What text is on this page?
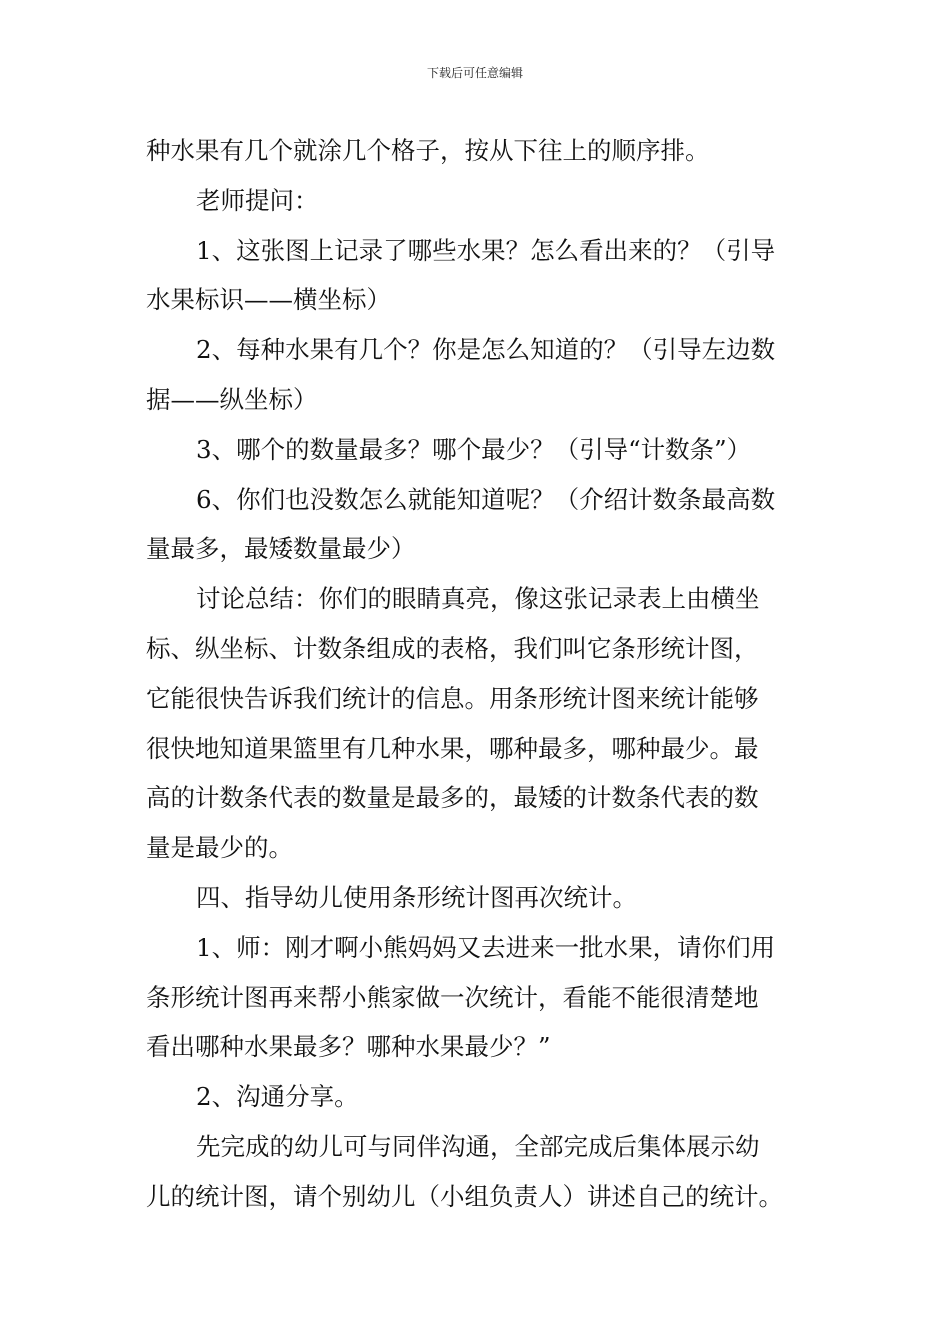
下载后可任意编辑

种水果有几个就涂几个格子，按从下往上的顺序排。

老师提问：

1、这张图上记录了哪些水果？怎么看出来的？（引导

水果标识——横坐标）

2、每种水果有几个？你是怎么知道的？（引导左边数

据——纵坐标）

3、哪个的数量最多？哪个最少？（引导“计数条”）

6、你们也没数怎么就能知道呢？（介绍计数条最高数

量最多，最矮数量最少）

讨论总结：你们的眼睛真亮，像这张记录表上由横坐

标、纵坐标、计数条组成的表格，我们叫它条形统计图，

它能很快告诉我们统计的信息。用条形统计图来统计能够

很快地知道果篮里有几种水果，哪种最多，哪种最少。最

高的计数条代表的数量是最多的，最矮的计数条代表的数

量是最少的。

四、指导幼儿使用条形统计图再次统计。

1、师：刚才啊小熊妈妈又去进来一批水果，请你们用

条形统计图再来帮小熊家做一次统计，看能不能很清楚地

看出哪种水果最多？哪种水果最少？”

2、沟通分享。

先完成的幼儿可与同伴沟通，全部完成后集体展示幼

儿的统计图，请个别幼儿（小组负责人）讲述自己的统计。
